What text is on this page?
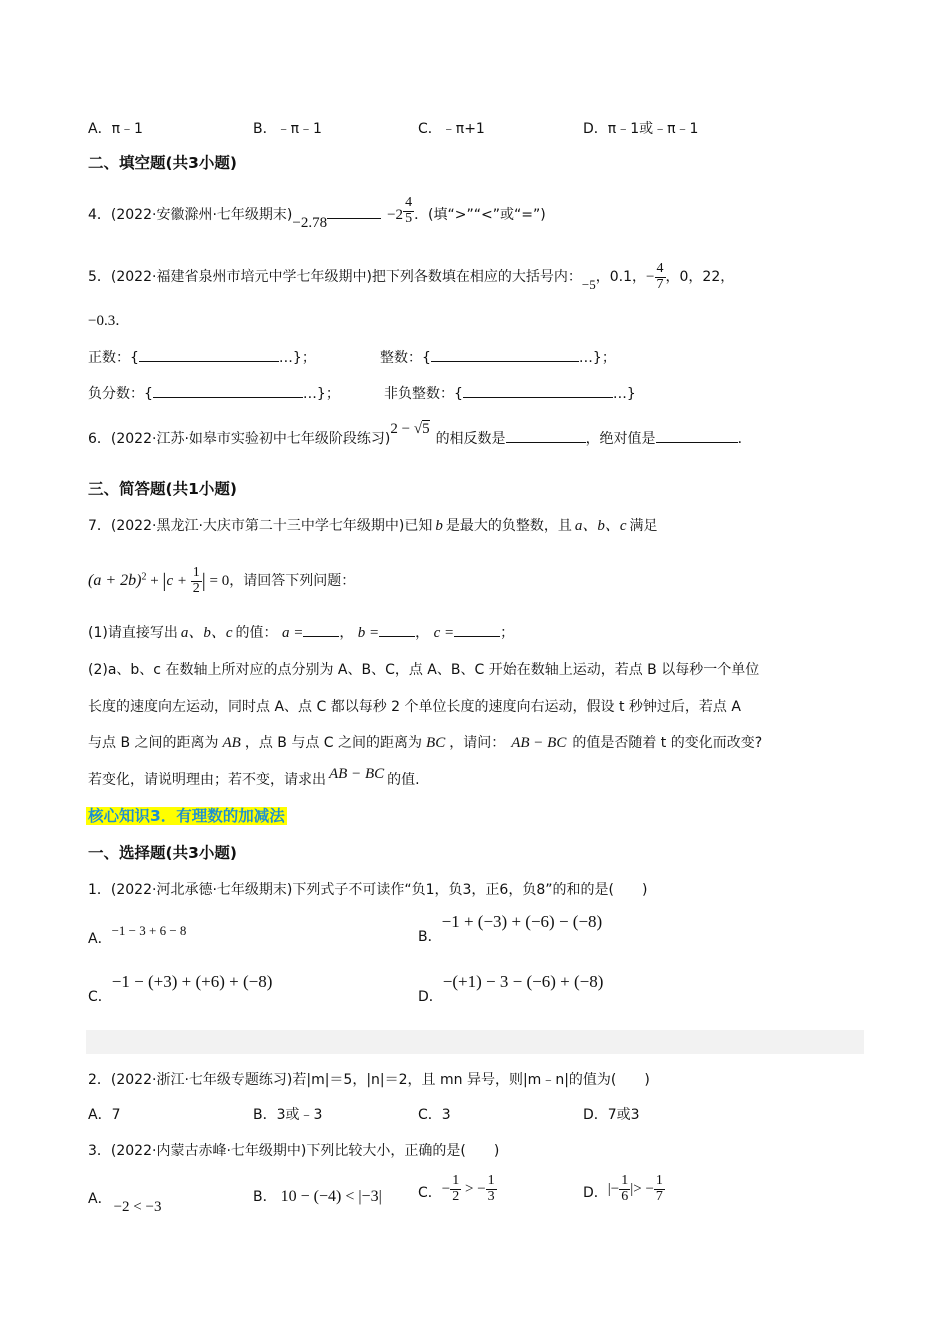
A．π﹣1	B．﹣π﹣1	C．﹣π+1	D．π﹣1或﹣π﹣1
二、填空题(共3小题)
4．(2022·安徽滁州·七年级期末)−2.78	$-2 \frac{4}{5}$ ．(填“>”“<”或“=”)
5．(2022·福建省泉州市培元中学七年级期中)把下列各数填在相应的大括号内：−5，0.1，− $\frac{4}{7}$ ，0，22，
−0.3．
正数：{	…}；	整数：{	…}；
负分数：{	…}；	非负整数：{	…}
6．(2022·江苏·如皋市实验初中七年级阶段练习)2 − √5的相反数是	，绝对值是	．
三、简答题(共1小题)
7．(2022·黑龙江·大庆市第二十三中学七年级期中)已知 b 是最大的负整数，且 a、b、c 满足
$(a + 2b)^2 + |c + \frac{1}{2}$ | = 0，请回答下列问题：
(1)请直接写出 a、b、c 的值： a =	， b =	， c =	；
(2)a、b、c 在数轴上所对应的点分别为 A、B、C，点 A、B、C 开始在数轴上运动，若点 B 以每秒一个单位
长度的速度向左运动，同时点 A、点 C 都以每秒 2 个单位长度的速度向右运动，假设 t 秒钟过后，若点 A
与点 B 之间的距离为 AB ，点 B 与点 C 之间的距离为 BC ，请问： AB − BC 的值是否随着 t 的变化而改变?
若变化，请说明理由；若不变，请求出 AB − BC 的值.
核心知识3．有理数的加减法
一、选择题(共3小题)
1．(2022·河北承德·七年级期末)下列式子不可读作“负1，负3，正6，负8”的和的是(　　)
A．−1 − 3 + 6 − 8	B．−1 + (−3) + (−6) − (−8)
C．−1 − (+3) + (+6) + (−8)
D．−(+1) − 3 − (−6) + (−8)
2．(2022·浙江·七年级专题练习)若|m|＝5，|n|＝2，且 mn 异号，则|m﹣n|的值为(　　)
A．7	B．3或﹣3	C．3	D．7或3
3．(2022·内蒙古赤峰·七年级期中)下列比较大小，正确的是(　　)
A． −2 < −3
B． 10 − (−4) < |−3|	C．− $\frac{1}{2}$ > − $\frac{1}{3}$	D．|− $\frac{1}{6}$ |> − $\frac{1}{7}$
